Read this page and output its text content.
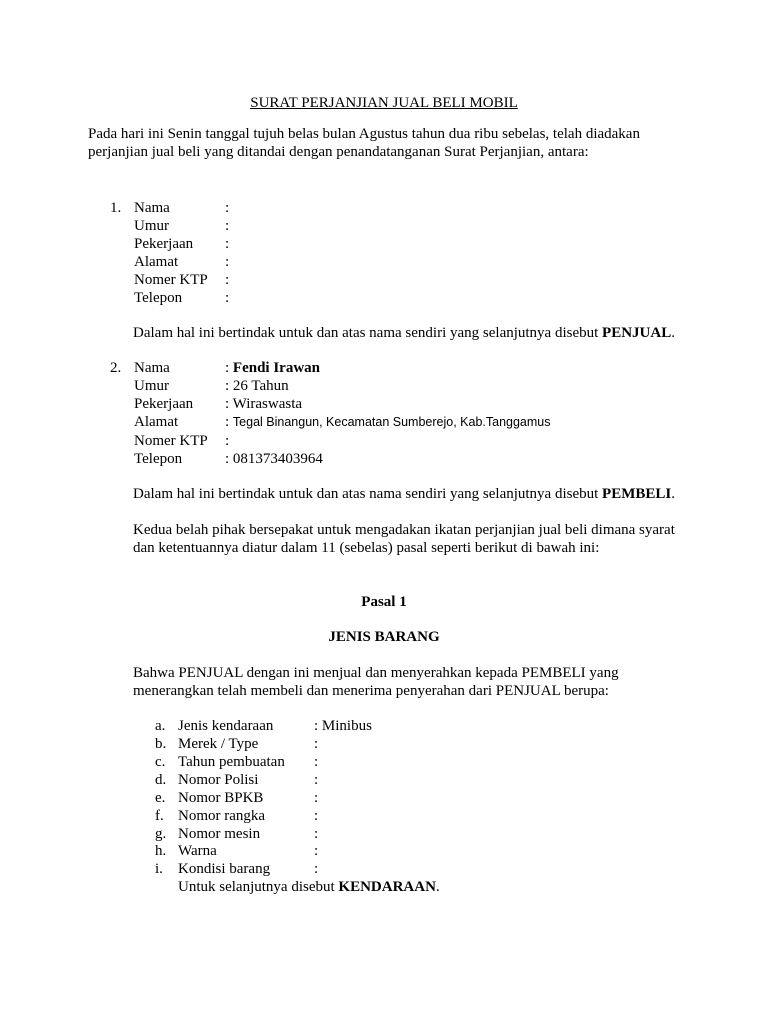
SURAT PERJANJIAN JUAL BELI MOBIL
Pada hari ini Senin tanggal tujuh belas bulan Agustus tahun dua ribu sebelas, telah diadakan
perjanjian jual beli yang ditandai dengan penandatanganan Surat Perjanjian, antara:
1. Nama	:
Umur	:
Pekerjaan :
Alamat	:
Nomer KTP :
Telepon	:
Dalam hal ini bertindak untuk dan atas nama sendiri yang selanjutnya disebut PENJUAL.
2. Nama	: Fendi Irawan
Umur	: 26 Tahun
Pekerjaan : Wiraswasta
Alamat	: Tegal Binangun, Kecamatan Sumberejo, Kab.Tanggamus
Nomer KTP :
Telepon	: 081373403964
Dalam hal ini bertindak untuk dan atas nama sendiri yang selanjutnya disebut PEMBELI.
Kedua belah pihak bersepakat untuk mengadakan ikatan perjanjian jual beli dimana syarat
dan ketentuannya diatur dalam 11 (sebelas) pasal seperti berikut di bawah ini:
Pasal 1
JENIS BARANG
Bahwa PENJUAL dengan ini menjual dan menyerahkan kepada PEMBELI yang
menerangkan telah membeli dan menerima penyerahan dari PENJUAL berupa:
a. Jenis kendaraan	: Minibus
b. Merek / Type	:
c. Tahun pembuatan :
d. Nomor Polisi	:
e. Nomor BPKB	:
f. Nomor rangka	:
g. Nomor mesin	:
h. Warna	:
i. Kondisi barang	:
Untuk selanjutnya disebut KENDARAAN.
